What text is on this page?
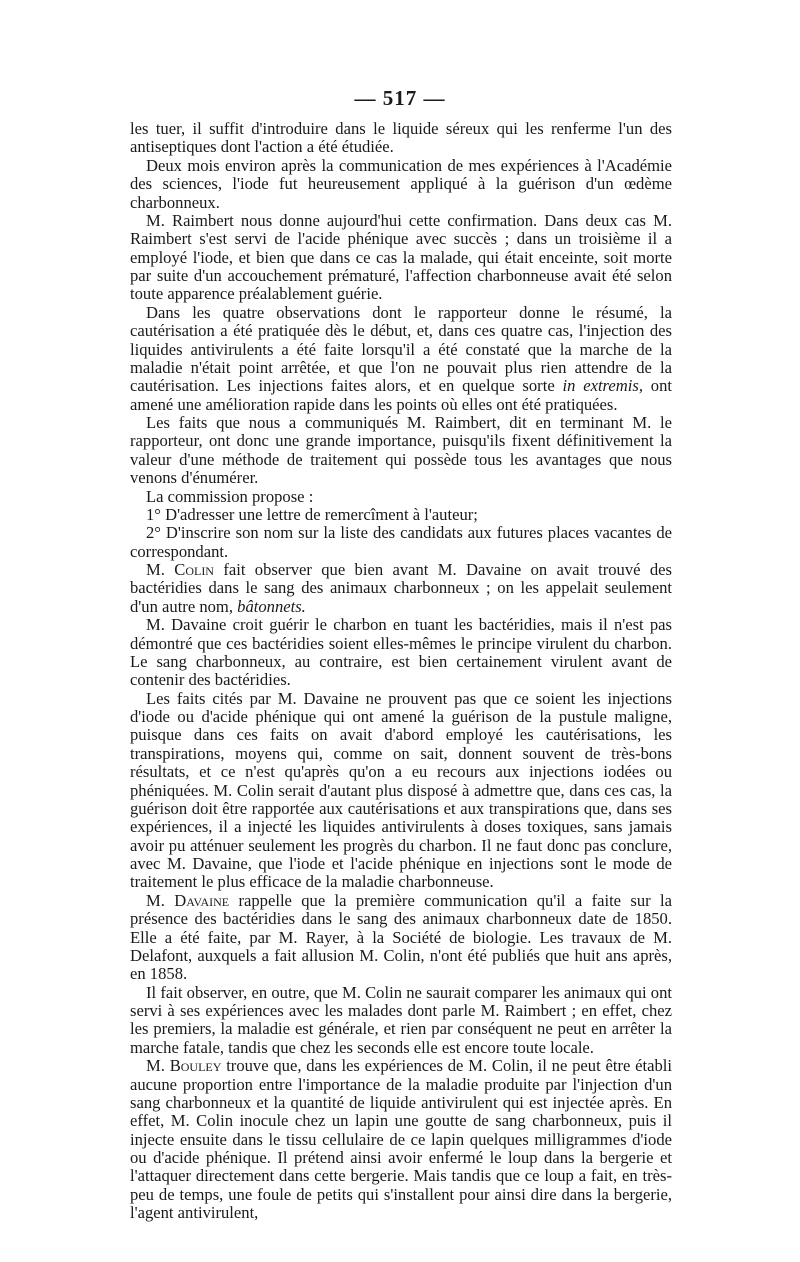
— 517 —

les tuer, il suffit d'introduire dans le liquide séreux qui les renferme l'un des antiseptiques dont l'action a été étudiée.

Deux mois environ après la communication de mes expériences à l'Académie des sciences, l'iode fut heureusement appliqué à la guérison d'un œdème charbonneux.

M. Raimbert nous donne aujourd'hui cette confirmation. Dans deux cas M. Raimbert s'est servi de l'acide phénique avec succès ; dans un troisième il a employé l'iode, et bien que dans ce cas la malade, qui était enceinte, soit morte par suite d'un accouchement prématuré, l'affection charbonneuse avait été selon toute apparence préalablement guérie.

Dans les quatre observations dont le rapporteur donne le résumé, la cautérisation a été pratiquée dès le début, et, dans ces quatre cas, l'injection des liquides antivirulents a été faite lorsqu'il a été constaté que la marche de la maladie n'était point arrêtée, et que l'on ne pouvait plus rien attendre de la cautérisation. Les injections faites alors, et en quelque sorte in extremis, ont amené une amélioration rapide dans les points où elles ont été pratiquées.

Les faits que nous a communiqués M. Raimbert, dit en terminant M. le rapporteur, ont donc une grande importance, puisqu'ils fixent définitivement la valeur d'une méthode de traitement qui possède tous les avantages que nous venons d'énumérer.

La commission propose :

1° D'adresser une lettre de remercîment à l'auteur;

2° D'inscrire son nom sur la liste des candidats aux futures places vacantes de correspondant.

M. Colin fait observer que bien avant M. Davaine on avait trouvé des bactéridies dans le sang des animaux charbonneux ; on les appelait seulement d'un autre nom, bâtonnets.

M. Davaine croit guérir le charbon en tuant les bactéridies, mais il n'est pas démontré que ces bactéridies soient elles-mêmes le principe virulent du charbon. Le sang charbonneux, au contraire, est bien certainement virulent avant de contenir des bactéridies.

Les faits cités par M. Davaine ne prouvent pas que ce soient les injections d'iode ou d'acide phénique qui ont amené la guérison de la pustule maligne, puisque dans ces faits on avait d'abord employé les cautérisations, les transpirations, moyens qui, comme on sait, donnent souvent de très-bons résultats, et ce n'est qu'après qu'on a eu recours aux injections iodées ou phéniquées. M. Colin serait d'autant plus disposé à admettre que, dans ces cas, la guérison doit être rapportée aux cautérisations et aux transpirations que, dans ses expériences, il a injecté les liquides antivirulents à doses toxiques, sans jamais avoir pu atténuer seulement les progrès du charbon. Il ne faut donc pas conclure, avec M. Davaine, que l'iode et l'acide phénique en injections sont le mode de traitement le plus efficace de la maladie charbonneuse.

M. Davaine rappelle que la première communication qu'il a faite sur la présence des bactéridies dans le sang des animaux charbonneux date de 1850. Elle a été faite, par M. Rayer, à la Société de biologie. Les travaux de M. Delafont, auxquels a fait allusion M. Colin, n'ont été publiés que huit ans après, en 1858.

Il fait observer, en outre, que M. Colin ne saurait comparer les animaux qui ont servi à ses expériences avec les malades dont parle M. Raimbert ; en effet, chez les premiers, la maladie est générale, et rien par conséquent ne peut en arrêter la marche fatale, tandis que chez les seconds elle est encore toute locale.

M. Bouley trouve que, dans les expériences de M. Colin, il ne peut être établi aucune proportion entre l'importance de la maladie produite par l'injection d'un sang charbonneux et la quantité de liquide antivirulent qui est injectée après. En effet, M. Colin inocule chez un lapin une goutte de sang charbonneux, puis il injecte ensuite dans le tissu cellulaire de ce lapin quelques milligrammes d'iode ou d'acide phénique. Il prétend ainsi avoir enfermé le loup dans la bergerie et l'attaquer directement dans cette bergerie. Mais tandis que ce loup a fait, en très-peu de temps, une foule de petits qui s'installent pour ainsi dire dans la bergerie, l'agent antivirulent,
